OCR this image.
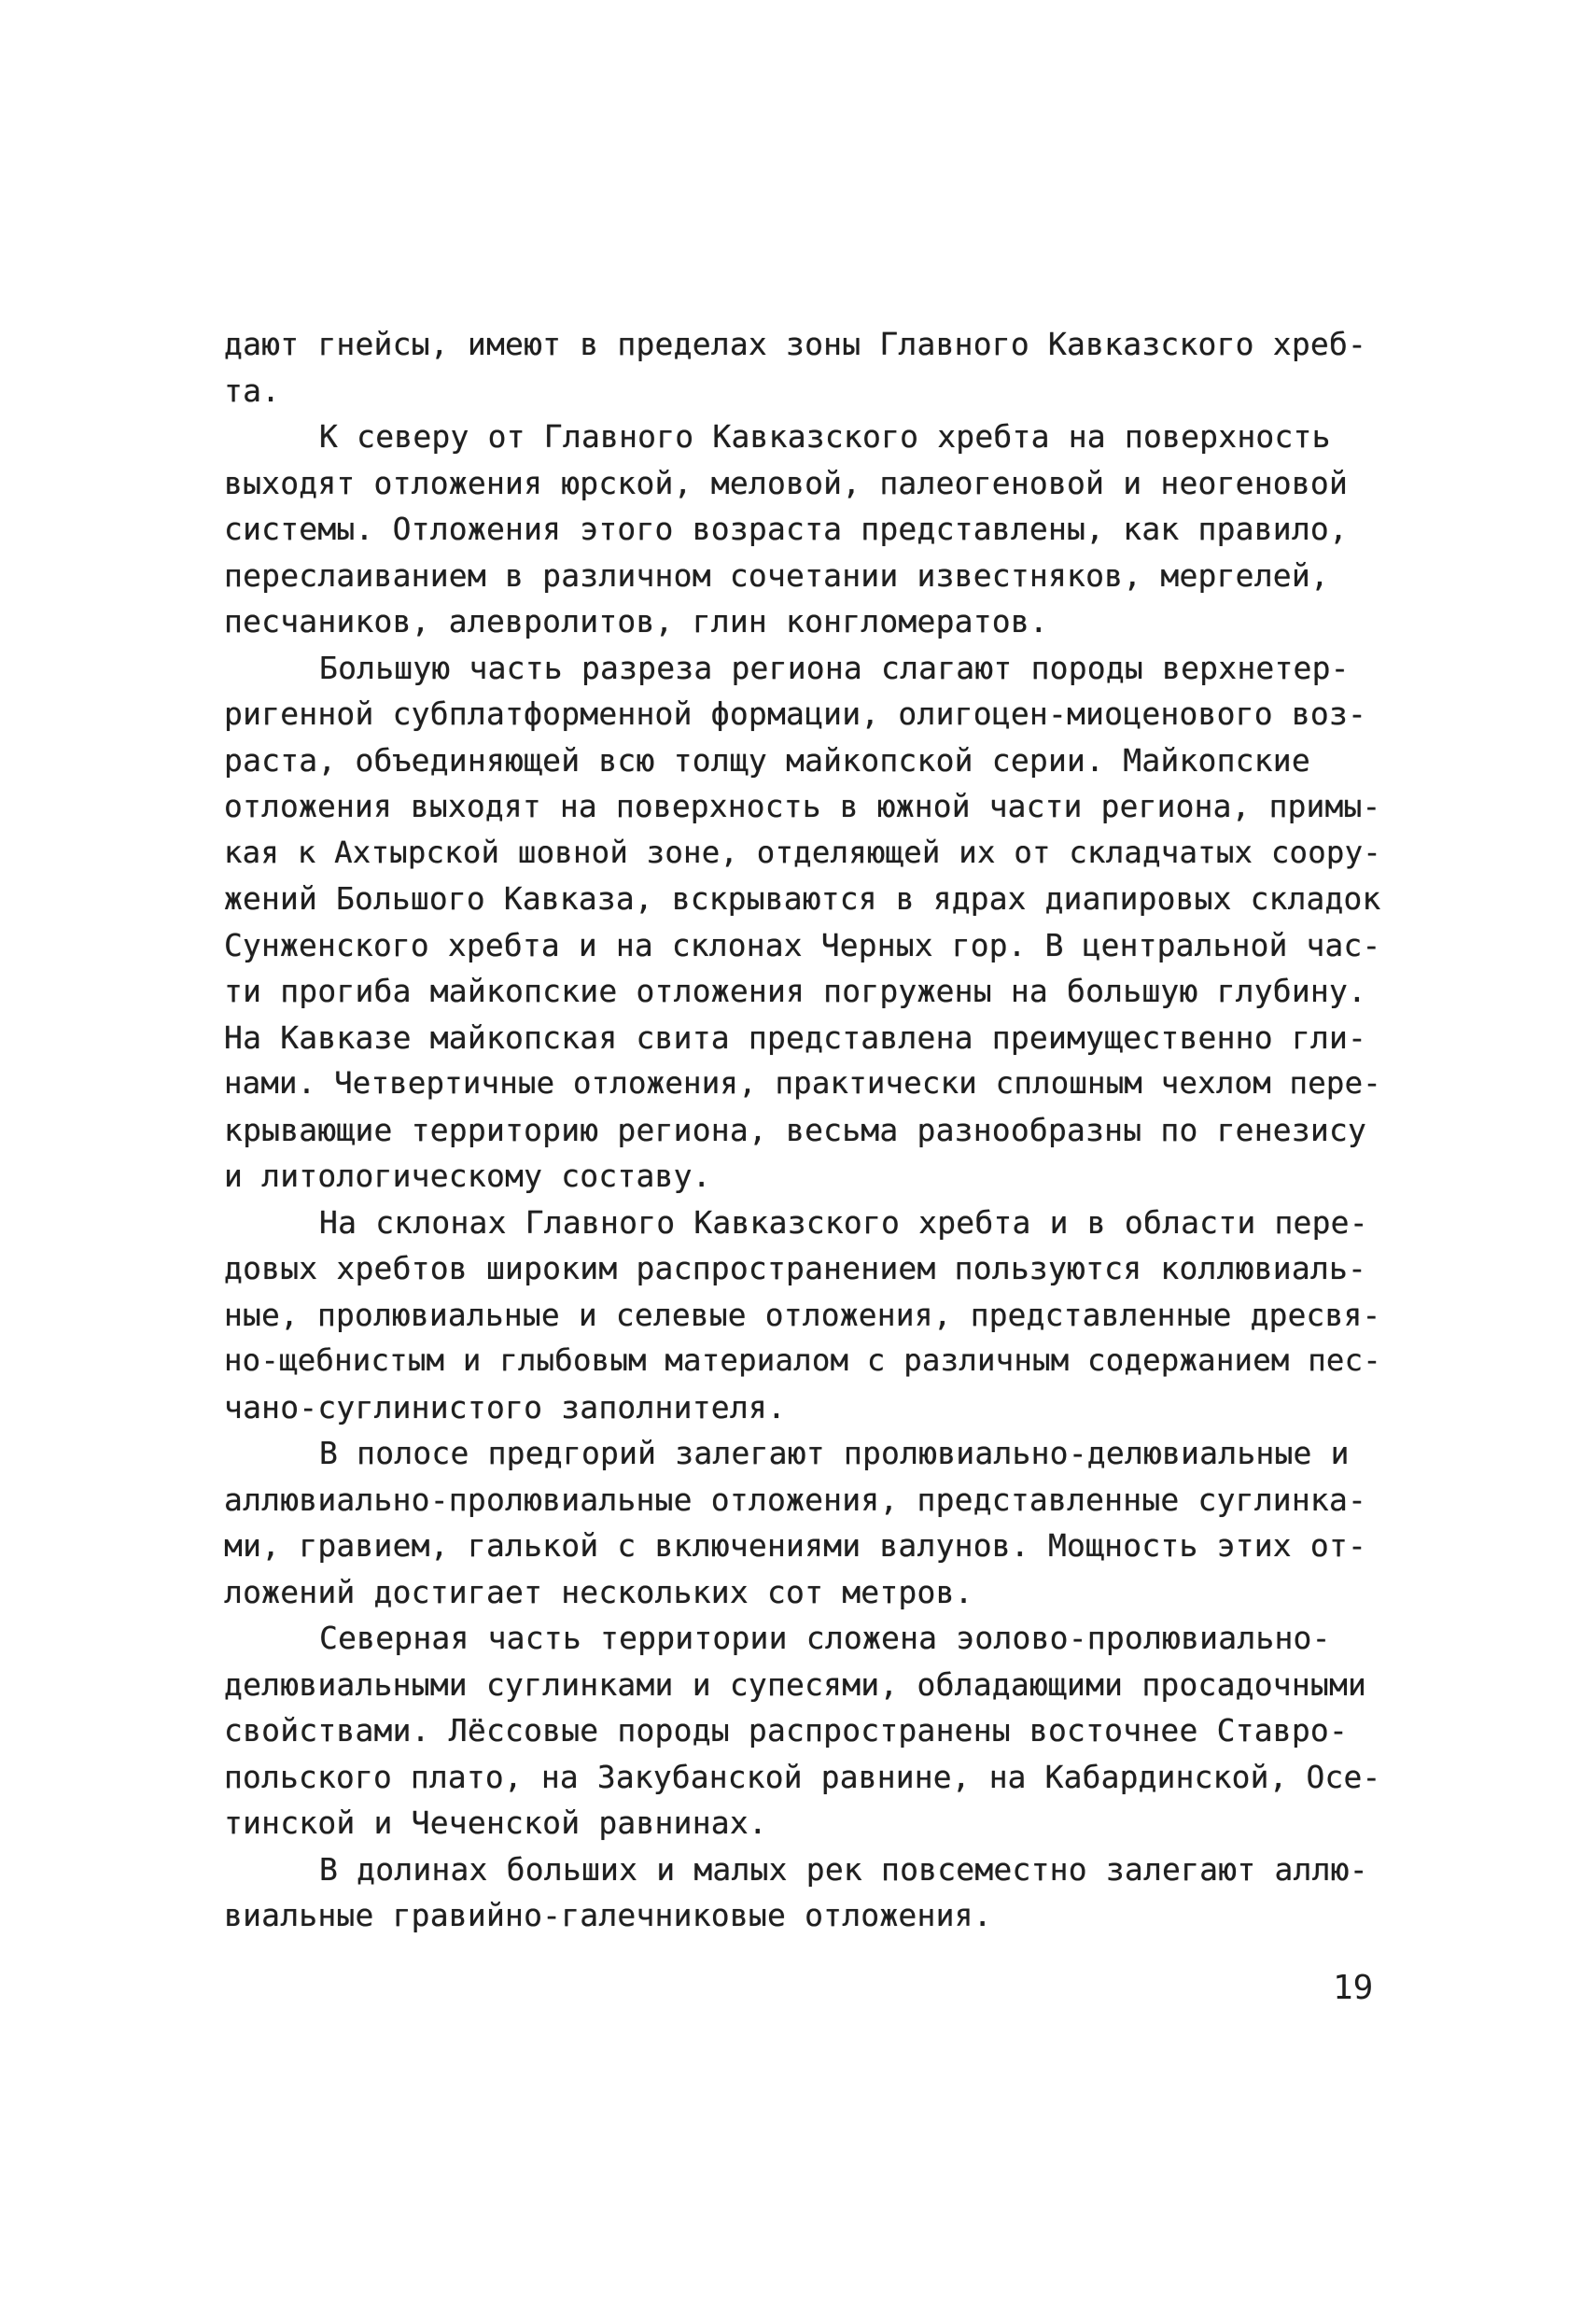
дают гнейсы, имеют в пределах зоны Главного Кавказского хреб-
та.
К северу от Главного Кавказского хребта на поверхность
выходят отложения юрской, меловой, палеогеновой и неогеновой
системы. Отложения этого возраста представлены, как правило,
переслаиванием в различном сочетании известняков, мергелей,
песчаников, алевролитов, глин конгломератов.
Большую часть разреза региона слагают породы верхнетер-
ригенной субплатформенной формации, олигоцен-миоценового воз-
раста, объединяющей всю толщу майкопской серии. Майкопские
отложения выходят на поверхность в южной части региона, примы-
кая к Ахтырской шовной зоне, отделяющей их от складчатых соору-
жений Большого Кавказа, вскрываются в ядрах диапировых складок
Сунженского хребта и на склонах Черных гор. В центральной час-
ти прогиба майкопские отложения погружены на большую глубину.
На Кавказе майкопская свита представлена преимущественно гли-
нами. Четвертичные отложения, практически сплошным чехлом пере-
крывающие территорию региона, весьма разнообразны по генезису
и литологическому составу.
На склонах Главного Кавказского хребта и в области пере-
довых хребтов широким распространением пользуются коллювиаль-
ные, пролювиальные и селевые отложения, представленные дресвя-
но-щебнистым и глыбовым материалом с различным содержанием пес-
чано-суглинистого заполнителя.
В полосе предгорий залегают пролювиально-делювиальные и
аллювиально-пролювиальные отложения, представленные суглинка-
ми, гравием, галькой с включениями валунов. Мощность этих от-
ложений достигает нескольких сот метров.
Северная часть территории сложена эолово-пролювиально-
делювиальными суглинками и супесями, обладающими просадочными
свойствами. Лёссовые породы распространены восточнее Ставро-
польского плато, на Закубанской равнине, на Кабардинской, Осе-
тинской и Чеченской равнинах.
В долинах больших и малых рек повсеместно залегают аллю-
виальные гравийно-галечниковые отложения.
19
